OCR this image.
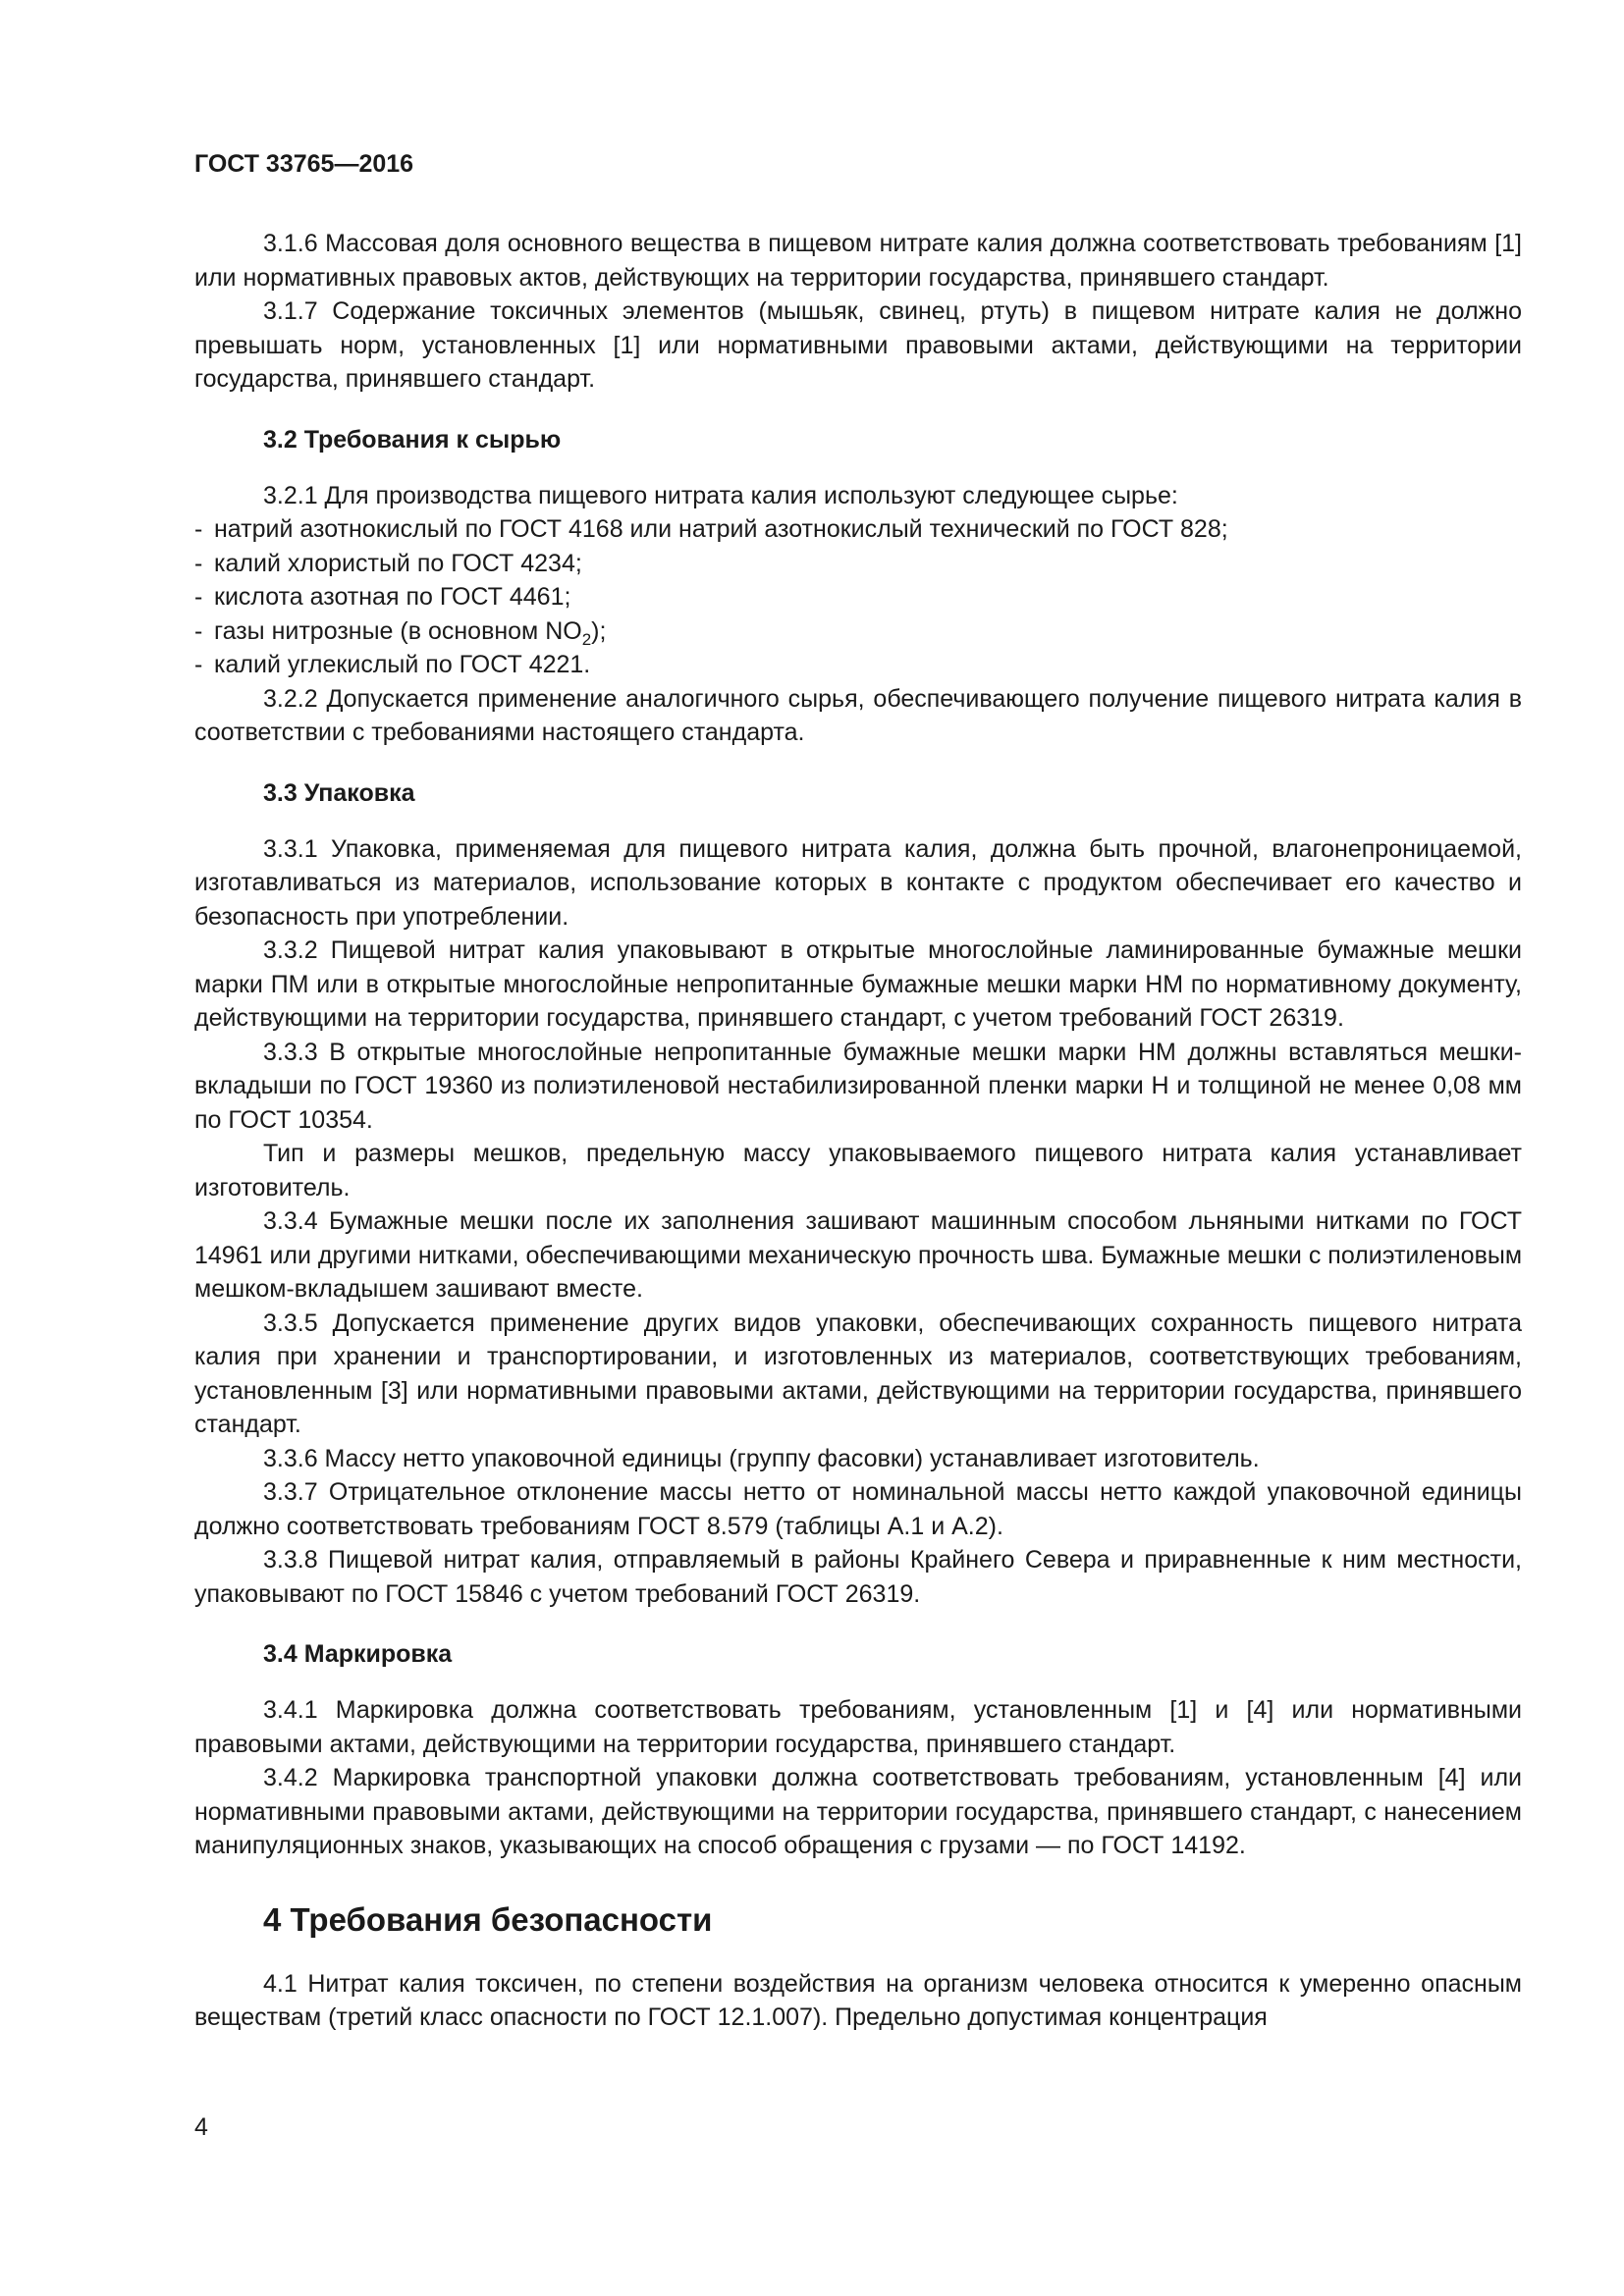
ГОСТ 33765—2016

3.1.6 Массовая доля основного вещества в пищевом нитрате калия должна соответствовать требованиям [1] или нормативных правовых актов, действующих на территории государства, принявшего стандарт.

3.1.7 Содержание токсичных элементов (мышьяк, свинец, ртуть) в пищевом нитрате калия не должно превышать норм, установленных [1] или нормативными правовыми актами, действующими на территории государства, принявшего стандарт.

3.2 Требования к сырью

3.2.1 Для производства пищевого нитрата калия используют следующее сырье:

- натрий азотнокислый по ГОСТ 4168 или натрий азотнокислый технический по ГОСТ 828;
- калий хлористый по ГОСТ 4234;
- кислота азотная по ГОСТ 4461;
- газы нитрозные (в основном $NO_2$);
- калий углекислый по ГОСТ 4221.

3.2.2 Допускается применение аналогичного сырья, обеспечивающего получение пищевого нитрата калия в соответствии с требованиями настоящего стандарта.

3.3 Упаковка

3.3.1 Упаковка, применяемая для пищевого нитрата калия, должна быть прочной, влагонепроницаемой, изготавливаться из материалов, использование которых в контакте с продуктом обеспечивает его качество и безопасность при употреблении.

3.3.2 Пищевой нитрат калия упаковывают в открытые многослойные ламинированные бумажные мешки марки ПМ или в открытые многослойные непропитанные бумажные мешки марки НМ по нормативному документу, действующими на территории государства, принявшего стандарт, с учетом требований ГОСТ 26319.

3.3.3 В открытые многослойные непропитанные бумажные мешки марки НМ должны вставляться мешки-вкладыши по ГОСТ 19360 из полиэтиленовой нестабилизированной пленки марки Н и толщиной не менее 0,08 мм по ГОСТ 10354.

Тип и размеры мешков, предельную массу упаковываемого пищевого нитрата калия устанавливает изготовитель.

3.3.4 Бумажные мешки после их заполнения зашивают машинным способом льняными нитками по ГОСТ 14961 или другими нитками, обеспечивающими механическую прочность шва. Бумажные мешки с полиэтиленовым мешком-вкладышем зашивают вместе.

3.3.5 Допускается применение других видов упаковки, обеспечивающих сохранность пищевого нитрата калия при хранении и транспортировании, и изготовленных из материалов, соответствующих требованиям, установленным [3] или нормативными правовыми актами, действующими на территории государства, принявшего стандарт.

3.3.6 Массу нетто упаковочной единицы (группу фасовки) устанавливает изготовитель.

3.3.7 Отрицательное отклонение массы нетто от номинальной массы нетто каждой упаковочной единицы должно соответствовать требованиям ГОСТ 8.579 (таблицы А.1 и А.2).

3.3.8 Пищевой нитрат калия, отправляемый в районы Крайнего Севера и приравненные к ним местности, упаковывают по ГОСТ 15846 с учетом требований ГОСТ 26319.

3.4 Маркировка

3.4.1 Маркировка должна соответствовать требованиям, установленным [1] и [4] или нормативными правовыми актами, действующими на территории государства, принявшего стандарт.

3.4.2 Маркировка транспортной упаковки должна соответствовать требованиям, установленным [4] или нормативными правовыми актами, действующими на территории государства, принявшего стандарт, с нанесением манипуляционных знаков, указывающих на способ обращения с грузами — по ГОСТ 14192.

4 Требования безопасности

4.1 Нитрат калия токсичен, по степени воздействия на организм человека относится к умеренно опасным веществам (третий класс опасности по ГОСТ 12.1.007). Предельно допустимая концентрация

4
